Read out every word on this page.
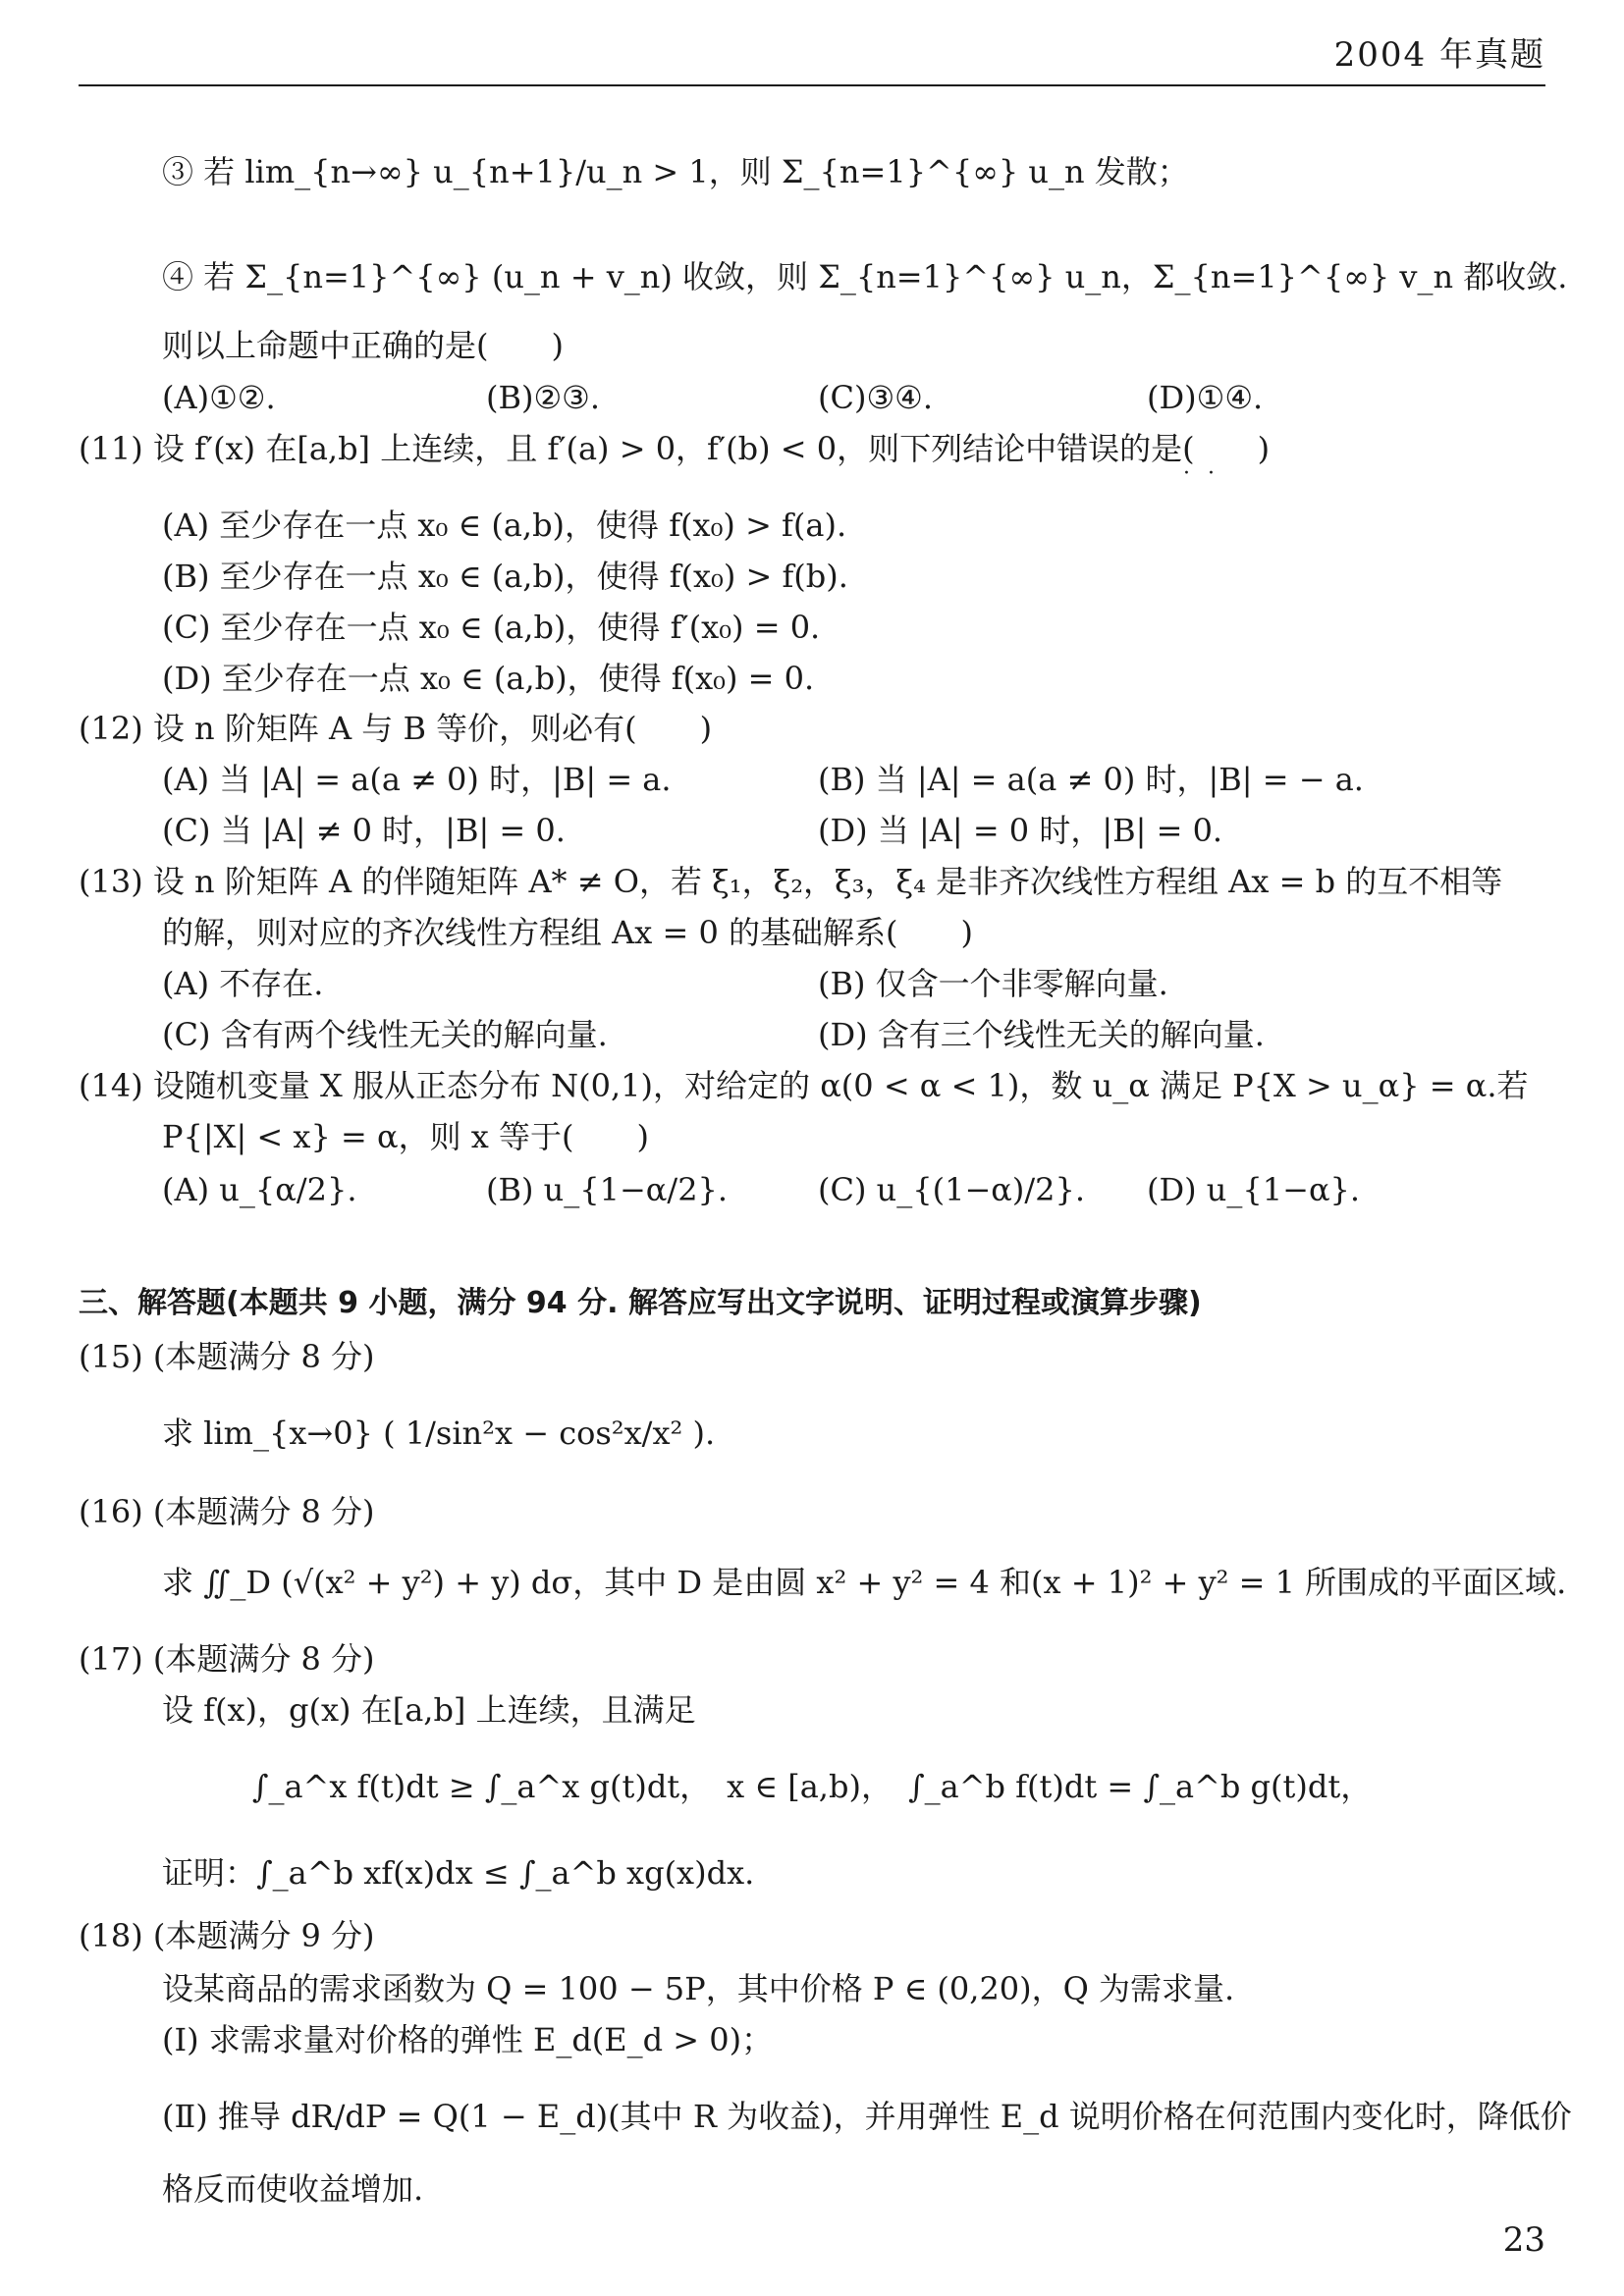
2004 年真题
③ 若 lim_{n→∞} u_{n+1}/u_n > 1，则 Σ_{n=1}^{∞} u_n 发散；
④ 若 Σ_{n=1}^{∞} (u_n + v_n) 收敛，则 Σ_{n=1}^{∞} u_n，Σ_{n=1}^{∞} v_n 都收敛.
则以上命题中正确的是(　　)
(A)①②.	(B)②③.	(C)③④.	(D)①④.
(11) 设 f′(x) 在[a,b] 上连续，且 f′(a) > 0，f′(b) < 0，则下列结论中错误的是(　　)
··
(A) 至少存在一点 x₀ ∈ (a,b)，使得 f(x₀) > f(a).
(B) 至少存在一点 x₀ ∈ (a,b)，使得 f(x₀) > f(b).
(C) 至少存在一点 x₀ ∈ (a,b)，使得 f′(x₀) = 0.
(D) 至少存在一点 x₀ ∈ (a,b)，使得 f(x₀) = 0.
(12) 设 n 阶矩阵 A 与 B 等价，则必有(　　)
(A) 当 |A| = a(a ≠ 0) 时，|B| = a.	(B) 当 |A| = a(a ≠ 0) 时，|B| = − a.
(C) 当 |A| ≠ 0 时，|B| = 0.	(D) 当 |A| = 0 时，|B| = 0.
(13) 设 n 阶矩阵 A 的伴随矩阵 A* ≠ O，若 ξ₁，ξ₂，ξ₃，ξ₄ 是非齐次线性方程组 Ax = b 的互不相等
的解，则对应的齐次线性方程组 Ax = 0 的基础解系(　　)
(A) 不存在.	(B) 仅含一个非零解向量.
(C) 含有两个线性无关的解向量.	(D) 含有三个线性无关的解向量.
(14) 设随机变量 X 服从正态分布 N(0,1)，对给定的 α(0 < α < 1)，数 u_α 满足 P{X > u_α} = α.若
P{|X| < x} = α，则 x 等于(　　)
(A) u_{α/2}.	(B) u_{1−α/2}.	(C) u_{(1−α)/2}. (D) u_{1−α}.
三、解答题(本题共 9 小题，满分 94 分. 解答应写出文字说明、证明过程或演算步骤)
(15) (本题满分 8 分)
求 lim_{x→0} ( 1/sin²x − cos²x/x² ).
(16) (本题满分 8 分)
求 ∬_D (√(x² + y²) + y) dσ，其中 D 是由圆 x² + y² = 4 和(x + 1)² + y² = 1 所围成的平面区域.
(17) (本题满分 8 分)
设 f(x)，g(x) 在[a,b] 上连续，且满足
∫_a^x f(t)dt ≥ ∫_a^x g(t)dt，　x ∈ [a,b)，　∫_a^b f(t)dt = ∫_a^b g(t)dt，
证明：∫_a^b xf(x)dx ≤ ∫_a^b xg(x)dx.
(18) (本题满分 9 分)
设某商品的需求函数为 Q = 100 − 5P，其中价格 P ∈ (0,20)，Q 为需求量.
(Ⅰ) 求需求量对价格的弹性 E_d(E_d > 0)；
(Ⅱ) 推导 dR/dP = Q(1 − E_d)(其中 R 为收益)，并用弹性 E_d 说明价格在何范围内变化时，降低价
格反而使收益增加.
23
